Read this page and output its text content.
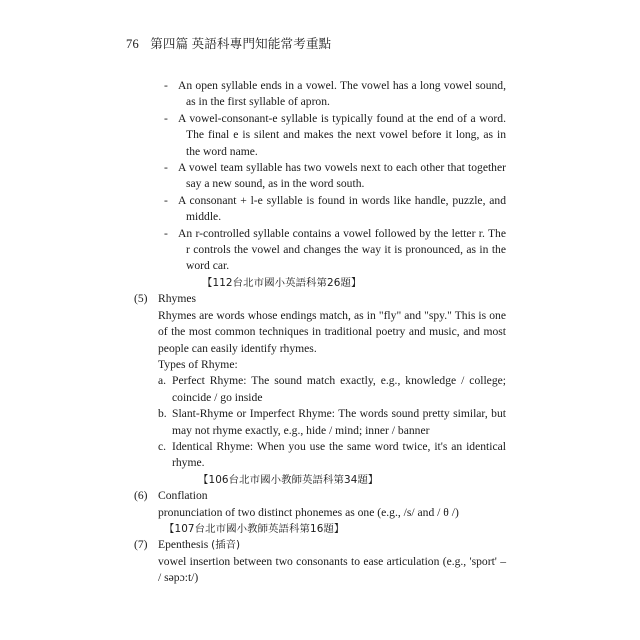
76 第四篇 英語科專門知能常考重點
- An open syllable ends in a vowel. The vowel has a long vowel sound, as in the first syllable of apron.
- A vowel-consonant-e syllable is typically found at the end of a word. The final e is silent and makes the next vowel before it long, as in the word name.
- A vowel team syllable has two vowels next to each other that together say a new sound, as in the word south.
- A consonant + l-e syllable is found in words like handle, puzzle, and middle.
- An r-controlled syllable contains a vowel followed by the letter r. The r controls the vowel and changes the way it is pronounced, as in the word car.
【112台北市國小英語科第26題】
(5) Rhymes
Rhymes are words whose endings match, as in "fly" and "spy." This is one of the most common techniques in traditional poetry and music, and most people can easily identify rhymes.
Types of Rhyme:
a. Perfect Rhyme: The sound match exactly, e.g., knowledge / college; coincide / go inside
b. Slant-Rhyme or Imperfect Rhyme: The words sound pretty similar, but may not rhyme exactly, e.g., hide / mind; inner / banner
c. Identical Rhyme: When you use the same word twice, it's an identical rhyme.
【106台北市國小教師英語科第34題】
(6) Conflation
pronunciation of two distinct phonemes as one (e.g., /s/ and / θ /)
【107台北市國小教師英語科第16題】
(7) Epenthesis (插音)
vowel insertion between two consonants to ease articulation (e.g., 'sport' – / səpɔ:t/)
